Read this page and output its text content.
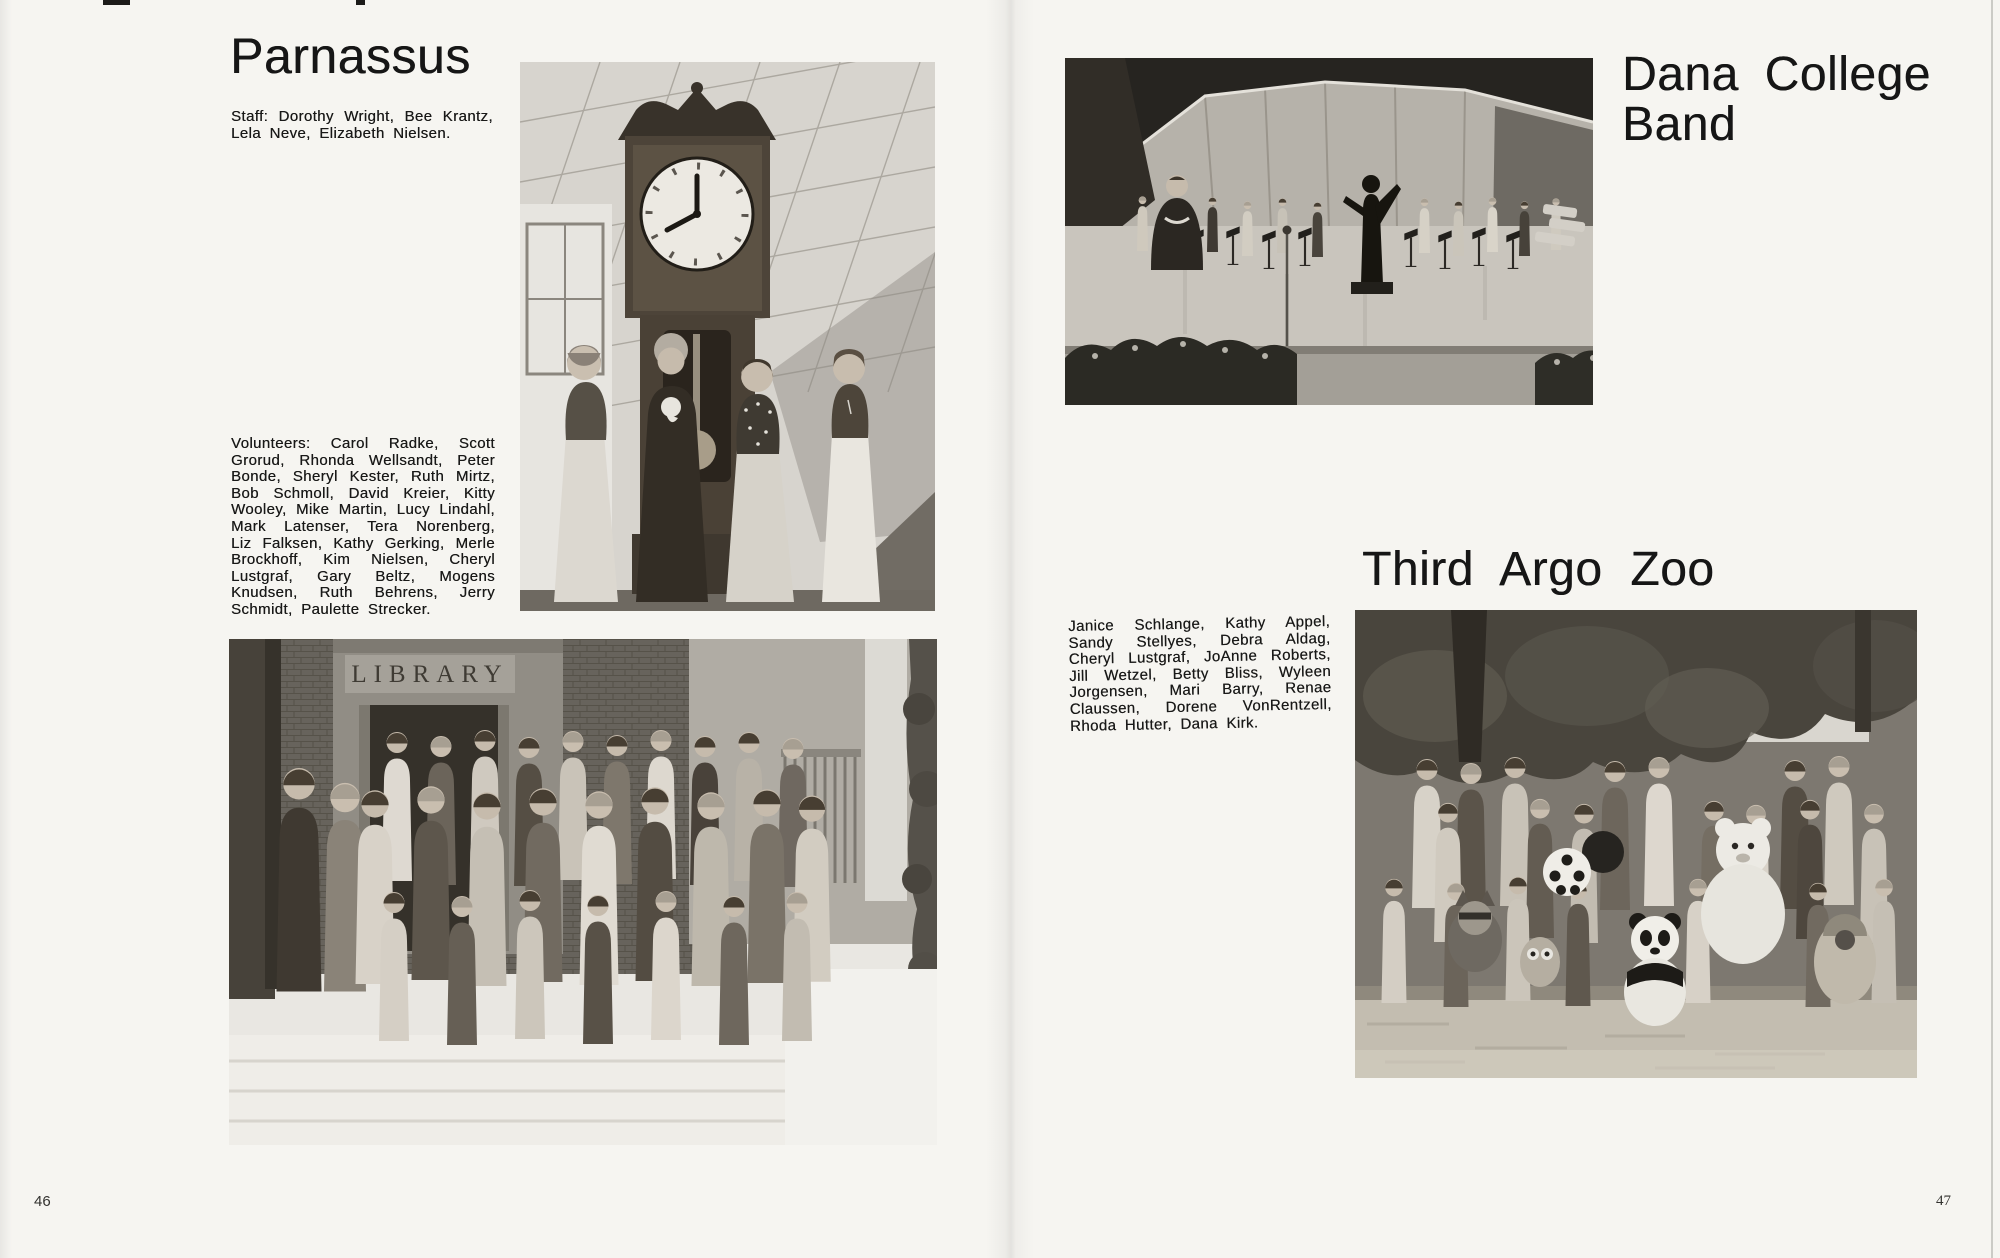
Parnassus

Staff: Dorothy Wright, Bee Krantz, Lela Neve, Elizabeth Nielsen.

Volunteers: Carol Radke, Scott Grorud, Rhonda Wellsandt, Peter Bonde, Sheryl Kester, Ruth Mirtz, Bob Schmoll, David Kreier, Kitty Wooley, Mike Martin, Lucy Lindahl, Mark Latenser, Tera Norenberg, Liz Falksen, Kathy Gerking, Merle Brockhoff, Kim Nielsen, Cheryl Lustgraf, Gary Beltz, Mogens Knudsen, Ruth Behrens, Jerry Schmidt, Paulette Strecker.

LIBRARY
46
Dana College
Band
Third Argo Zoo

Janice Schlange, Kathy Appel, Sandy Stellyes, Debra Aldag, Cheryl Lustgraf, JoAnne Roberts, Jill Wetzel, Betty Bliss, Wyleen Jorgensen, Mari Barry, Renae Claussen, Dorene VonRentzell, Rhoda Hutter, Dana Kirk.

47
